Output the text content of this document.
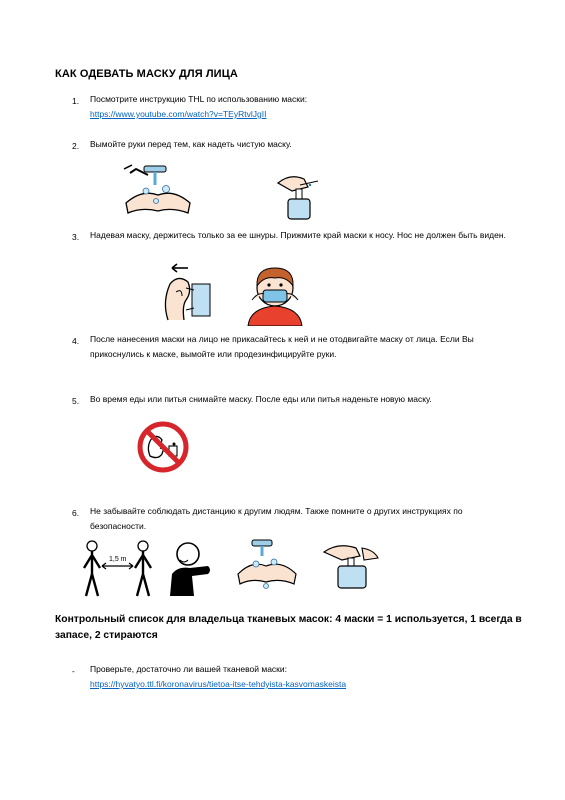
КАК ОДЕВАТЬ МАСКУ ДЛЯ ЛИЦА
1. Посмотрите инструкцию THL по использованию маски:
https://www.youtube.com/watch?v=TEyRtvlJgII
2. Вымойте руки перед тем, как надеть чистую маску.
3. Надевая маску, держитесь только за ее шнуры. Прижмите край маски к носу. Нос не должен быть виден.
4. После нанесения маски на лицо не прикасайтесь к ней и не отодвигайте маску от лица. Если Вы прикоснулись к маске, вымойте или продезинфицируйте руки.
5. Во время еды или питья снимайте маску. После еды или питья наденьте новую маску.
6. Не забывайте соблюдать дистанцию к другим людям. Также помните о других инструкциях по безопасности.
1,5 m
Контрольный список для владельца тканевых масок: 4 маски = 1 используется, 1 всегда в запасе, 2 стираются
- Проверьте, достаточно ли вашей тканевой маски:
https://hyvatyo.ttl.fi/koronavirus/tietoa-itse-tehdyista-kasvomaskeista
